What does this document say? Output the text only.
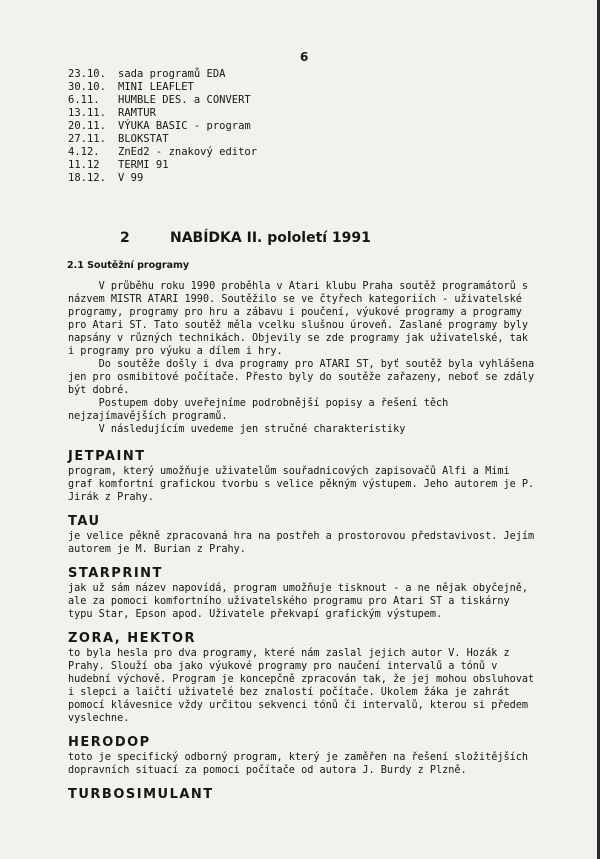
6
23.10.	sada programů EDA
30.10.	MINI LEAFLET
6.11.	HUMBLE DES. a CONVERT
13.11.	RAMTUR
20.11.	VÝUKA BASIC - program
27.11.	BLOKSTAT
4.12.	ZnEd2 - znakový editor
11.12	TERMI 91
18.12.	V 99
2	NABÍDKA II. pololetí 1991
2.1 Soutěžní programy
V průběhu roku 1990 proběhla v Atari klubu Praha soutěž programátorů s
názvem MISTR ATARI 1990. Soutěžilo se ve čtyřech kategoriích - uživatelské
programy, programy pro hru a zábavu i poučení, výukové programy a programy
pro Atari ST. Tato soutěž měla vcelku slušnou úroveň. Zaslané programy byly
napsány v různých technikách. Objevily se zde programy jak uživatelské, tak
i programy pro výuku a dílem i hry.
Do soutěže došly i dva programy pro ATARI ST, byť soutěž byla vyhlášena
jen pro osmibitové počítače. Přesto byly do soutěže zařazeny, neboť se zdály
být dobré.
Postupem doby uveřejníme podrobnější popisy a řešení těch
nejzajímavějších programů.
V následujícím uvedeme jen stručné charakteristiky
JETPAINT
program, který umožňuje uživatelům souřadnicových zapisovačů Alfi a Mimi
graf komfortní grafickou tvorbu s velice pěkným výstupem. Jeho autorem je P.
Jirák z Prahy.
TAU
je velice pěkně zpracovaná hra na postřeh a prostorovou představivost. Jejím
autorem je M. Burian z Prahy.
STARPRINT
jak už sám název napovídá, program umožňuje tisknout - a ne nějak obyčejně,
ale za pomoci komfortního uživatelského programu pro Atari ST a tiskárny
typu Star, Epson apod. Uživatele překvapí grafickým výstupem.
ZORA, HEKTOR
to byla hesla pro dva programy, které nám zaslal jejich autor V. Hozák z
Prahy. Slouží oba jako výukové programy pro naučení intervalů a tónů v
hudební výchově. Program je koncepčně zpracován tak, že jej mohou obsluhovat
i slepci a laičtí uživatelé bez znalostí počítače. Úkolem žáka je zahrát
pomocí klávesnice vždy určitou sekvenci tónů či intervalů, kterou si předem
vyslechne.
HERODOP
toto je specifický odborný program, který je zaměřen na řešení složitějších
dopravních situací za pomoci počítače od autora J. Burdy z Plzně.
TURBOSIMULANT
